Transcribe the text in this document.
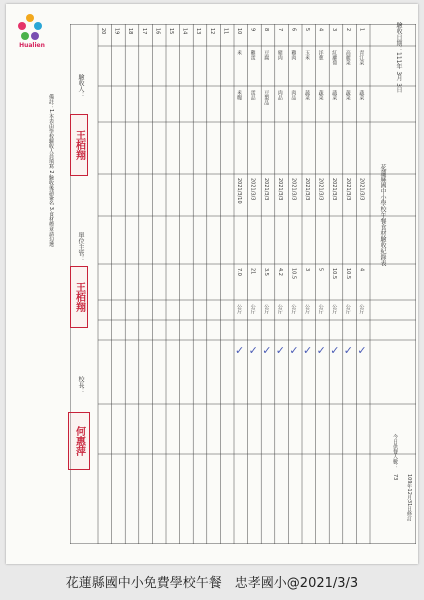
Hualien	驗收日期：111年 3月 3日
花蓮縣國中小學校午餐食材驗收紀錄表
今日供餐人數：
73 109年12月31日修訂
1
青江菜
蔬菜
2021/3/3
4
公斤
2
高麗菜
蔬菜
2021/3/3
10.5
公斤
3
紅蘿蔔
蔬菜
2021/3/3
10.5
公斤
4
洋蔥
蔬菜
2021/3/3
5
公斤
5
玉米
蔬菜
2021/3/3
3
公斤
6
雞肉
肉品
2021/3/3
10.5
公斤
7
豬肉
肉品
2021/3/3
4.2
公斤
8
豆腐
豆製品
2021/3/3
3.5
公斤
9
雞蛋
蛋品
2021/3/3
21
公斤
10
米
米糧
2021/3/10
7.0
公斤
11
12
13
14
15
16
17
18
19
20
✓
✓
✓
✓
✓
✓
✓
✓
✓
✓
備註：1.本表由學校驗收人員填寫 2.驗收後請簽名 3.食材標章請勾選
驗收人：
單位主管：
校長：
王栢翔
王栢翔
何惠萍
花蓮縣國中小免費學校午餐　忠孝國小@2021/3/3
